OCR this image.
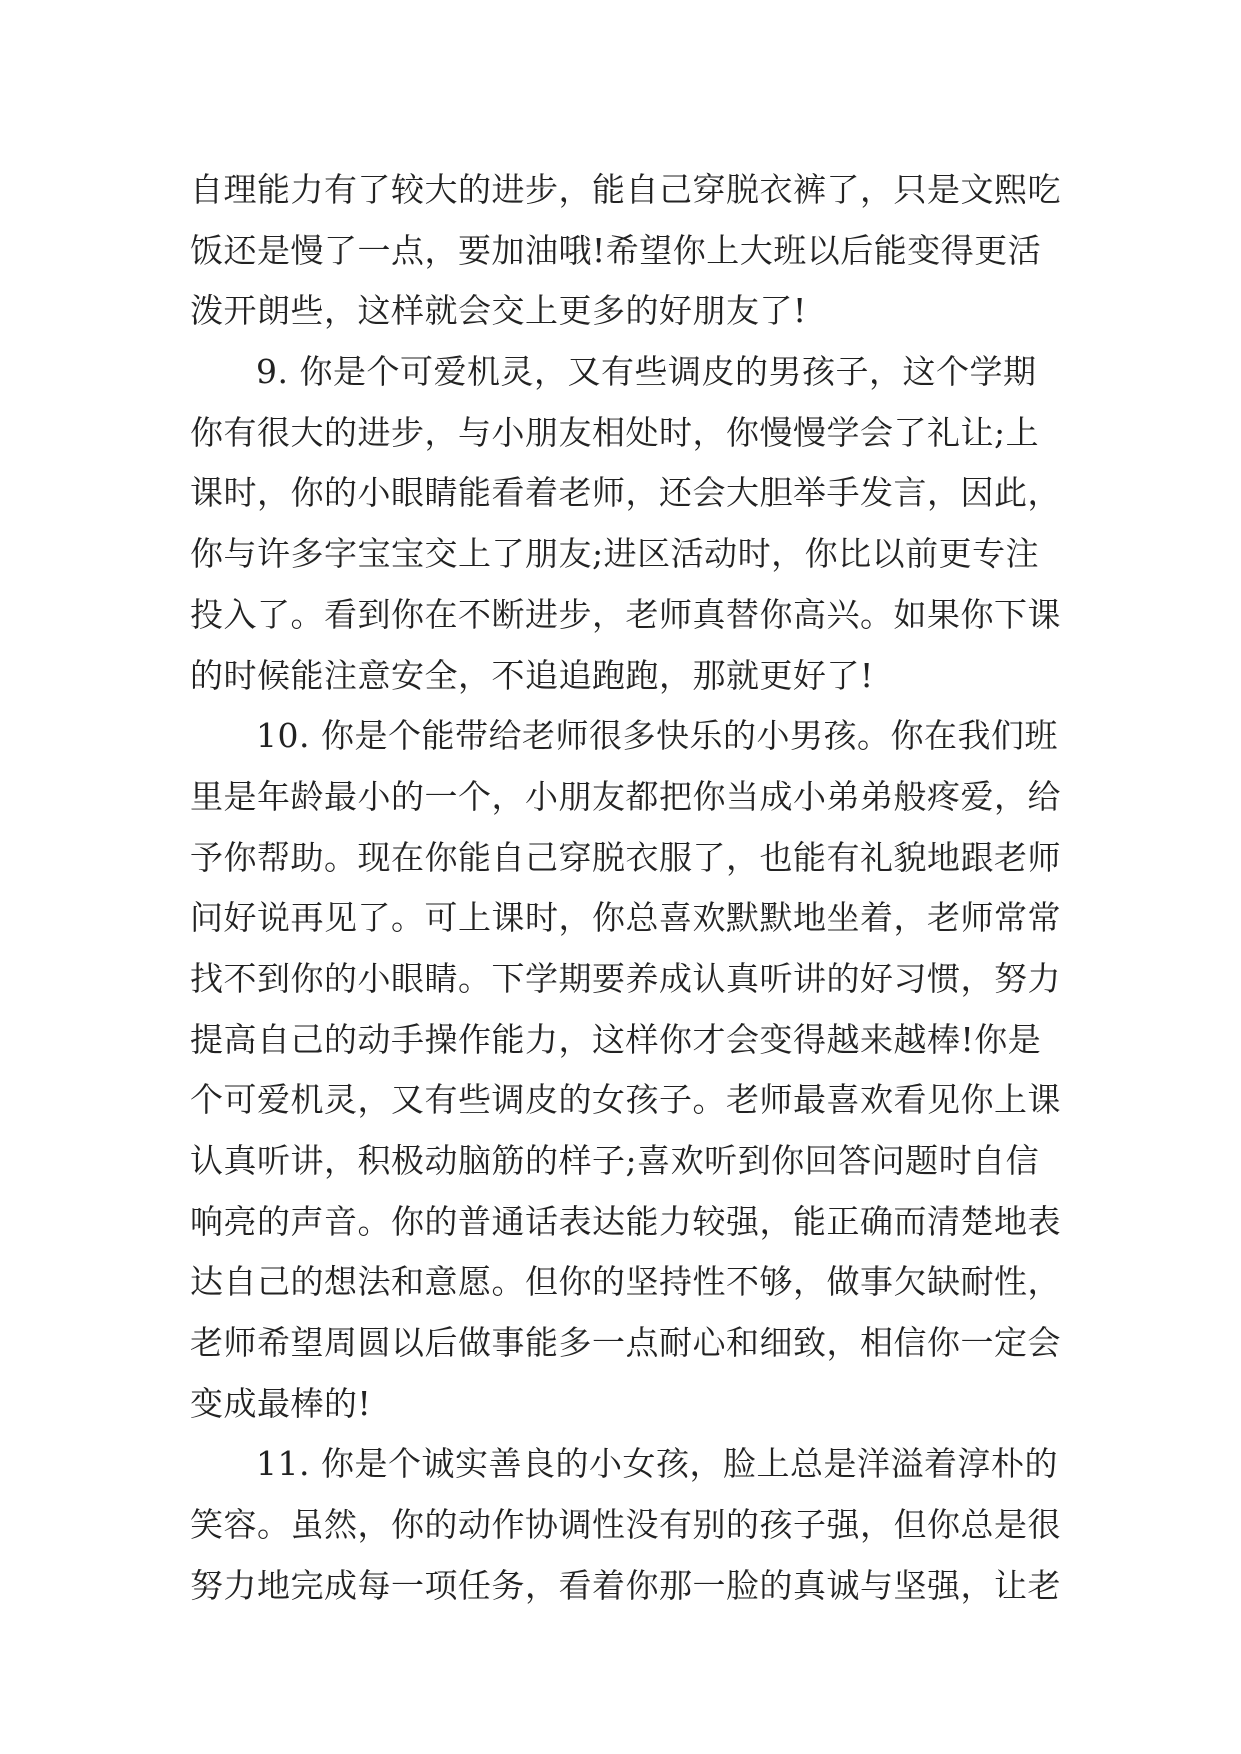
自理能力有了较大的进步，能自己穿脱衣裤了，只是文熙吃
饭还是慢了一点，要加油哦!希望你上大班以后能变得更活
泼开朗些，这样就会交上更多的好朋友了!
9. 你是个可爱机灵，又有些调皮的男孩子，这个学期
你有很大的进步，与小朋友相处时，你慢慢学会了礼让;上
课时，你的小眼睛能看着老师，还会大胆举手发言，因此，
你与许多字宝宝交上了朋友;进区活动时，你比以前更专注
投入了。看到你在不断进步，老师真替你高兴。如果你下课
的时候能注意安全，不追追跑跑，那就更好了!
10. 你是个能带给老师很多快乐的小男孩。你在我们班
里是年龄最小的一个，小朋友都把你当成小弟弟般疼爱，给
予你帮助。现在你能自己穿脱衣服了，也能有礼貌地跟老师
问好说再见了。可上课时，你总喜欢默默地坐着，老师常常
找不到你的小眼睛。下学期要养成认真听讲的好习惯，努力
提高自己的动手操作能力，这样你才会变得越来越棒!你是
个可爱机灵，又有些调皮的女孩子。老师最喜欢看见你上课
认真听讲，积极动脑筋的样子;喜欢听到你回答问题时自信
响亮的声音。你的普通话表达能力较强，能正确而清楚地表
达自己的想法和意愿。但你的坚持性不够，做事欠缺耐性，
老师希望周圆以后做事能多一点耐心和细致，相信你一定会
变成最棒的!
11. 你是个诚实善良的小女孩，脸上总是洋溢着淳朴的
笑容。虽然，你的动作协调性没有别的孩子强，但你总是很
努力地完成每一项任务，看着你那一脸的真诚与坚强，让老
